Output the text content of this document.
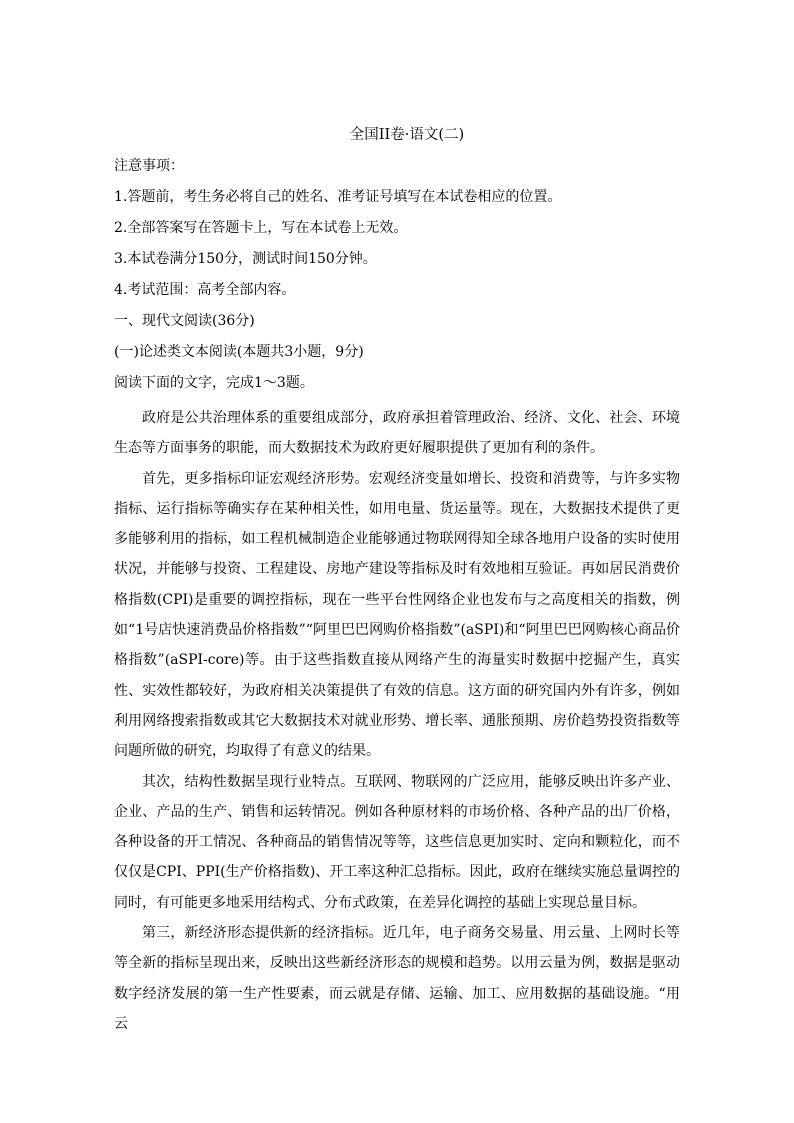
全国II卷·语文(二)
注意事项：
1.答题前，考生务必将自己的姓名、准考证号填写在本试卷相应的位置。
2.全部答案写在答题卡上，写在本试卷上无效。
3.本试卷满分150分，测试时间150分钟。
4.考试范围：高考全部内容。
一、现代文阅读(36分)
(一)论述类文本阅读(本题共3小题，9分)
阅读下面的文字，完成1～3题。

政府是公共治理体系的重要组成部分，政府承担着管理政治、经济、文化、社会、环境生态等方面事务的职能，而大数据技术为政府更好履职提供了更加有利的条件。

首先，更多指标印证宏观经济形势。宏观经济变量如增长、投资和消费等，与许多实物指标、运行指标等确实存在某种相关性，如用电量、货运量等。现在，大数据技术提供了更多能够利用的指标，如工程机械制造企业能够通过物联网得知全球各地用户设备的实时使用状况，并能够与投资、工程建设、房地产建设等指标及时有效地相互验证。再如居民消费价格指数(CPI)是重要的调控指标，现在一些平台性网络企业也发布与之高度相关的指数，例如“1号店快速消费品价格指数”“阿里巴巴网购价格指数”(aSPI)和“阿里巴巴网购核心商品价格指数”(aSPI-core)等。由于这些指数直接从网络产生的海量实时数据中挖掘产生，真实性、实效性都较好，为政府相关决策提供了有效的信息。这方面的研究国内外有许多，例如利用网络搜索指数或其它大数据技术对就业形势、增长率、通胀预期、房价趋势投资指数等问题所做的研究，均取得了有意义的结果。

其次，结构性数据呈现行业特点。互联网、物联网的广泛应用，能够反映出许多产业、企业、产品的生产、销售和运转情况。例如各种原材料的市场价格、各种产品的出厂价格，各种设备的开工情况、各种商品的销售情况等等，这些信息更加实时、定向和颗粒化，而不仅仅是CPI、PPI(生产价格指数)、开工率这种汇总指标。因此，政府在继续实施总量调控的同时，有可能更多地采用结构式、分布式政策，在差异化调控的基础上实现总量目标。

第三，新经济形态提供新的经济指标。近几年，电子商务交易量、用云量、上网时长等等全新的指标呈现出来，反映出这些新经济形态的规模和趋势。以用云量为例，数据是驱动数字经济发展的第一生产性要素，而云就是存储、运输、加工、应用数据的基础设施。“用云
